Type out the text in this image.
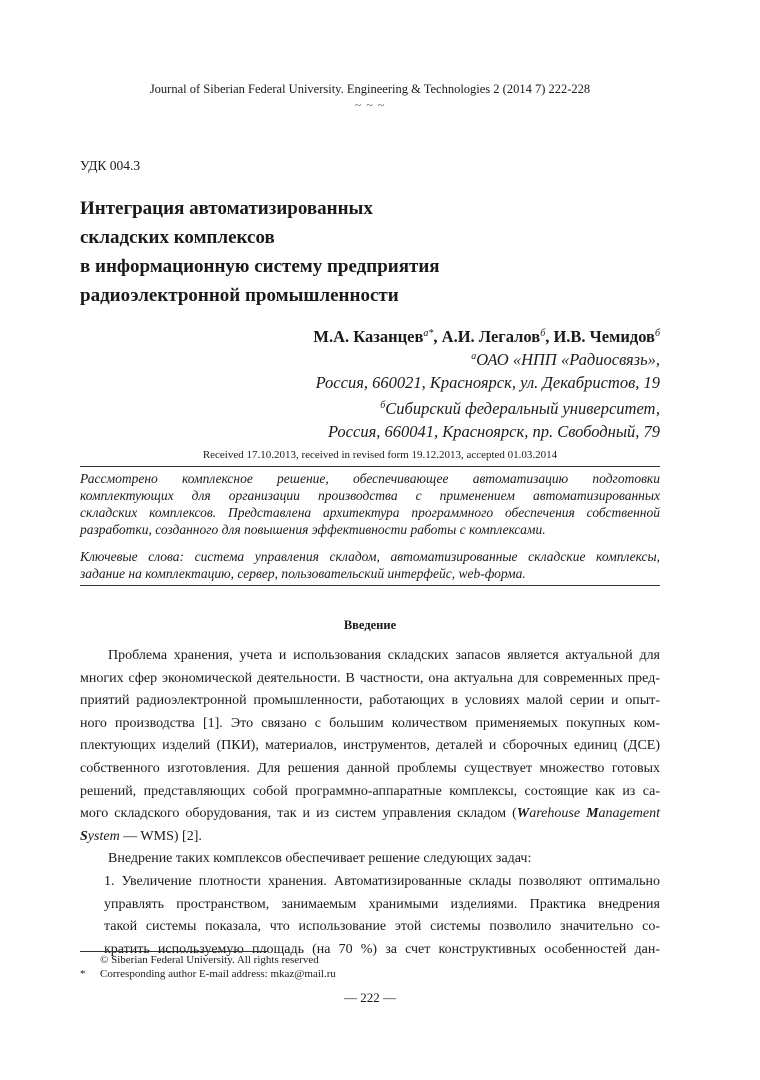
Journal of Siberian Federal University. Engineering & Technologies 2 (2014 7) 222-228
~ ~ ~
УДК 004.3
Интеграция автоматизированных
складских комплексов
в информационную систему предприятия
радиоэлектронной промышленности
М.А. Казанцев$^{а*}$, А.И. Легалов$^б$, И.В. Чемидов$^б$
$^а$ОАО «НПП «Радиосвязь»,
Россия, 660021, Красноярск, ул. Декабристов, 19
$^б$Сибирский федеральный университет,
Россия, 660041, Красноярск, пр. Свободный, 79
Received 17.10.2013, received in revised form 19.12.2013, accepted 01.03.2014
Рассмотрено комплексное решение, обеспечивающее автоматизацию подготовки
комплектующих для организации производства с применением автоматизированных
складских комплексов. Представлена архитектура программного обеспечения собственной
разработки, созданного для повышения эффективности работы с комплексами.
Ключевые слова: система управления складом, автоматизированные складские комплексы,
задание на комплектацию, сервер, пользовательский интерфейс, web-форма.
Введение
Проблема хранения, учета и использования складских запасов является актуальной для
многих сфер экономической деятельности. В частности, она актуальна для современных пред-
приятий радиоэлектронной промышленности, работающих в условиях малой серии и опыт-
ного производства [1]. Это связано с большим количеством применяемых покупных ком-
плектующих изделий (ПКИ), материалов, инструментов, деталей и сборочных единиц (ДСЕ)
собственного изготовления. Для решения данной проблемы существует множество готовых
решений, представляющих собой программно-аппаратные комплексы, состоящие как из са-
мого складского оборудования, так и из систем управления складом (Warehouse Management
System — WMS) [2].
Внедрение таких комплексов обеспечивает решение следующих задач:
1. Увеличение плотности хранения. Автоматизированные склады позволяют оптимально
управлять пространством, занимаемым хранимыми изделиями. Практика внедрения
такой системы показала, что использование этой системы позволило значительно со-
кратить используемую площадь (на 70 %) за счет конструктивных особенностей дан-
© Siberian Federal University. All rights reserved
* Corresponding author E-mail address: mkaz@mail.ru
— 222 —
